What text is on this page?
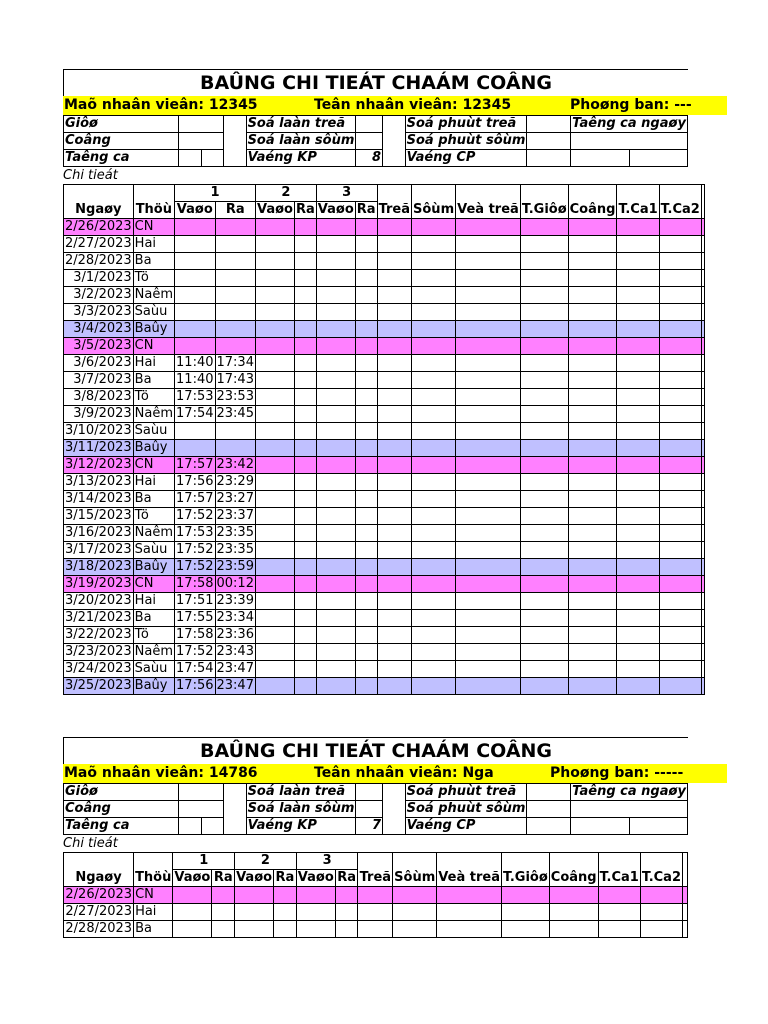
BAÛNG CHI TIEÁT CHAÁM COÂNG
Maõ nhaân vieân: 12345	Teân nhaân vieân: 12345	Phoøng ban: ---
Giôø				Soá laàn treã			Soá phuùt treã		Taêng ca ngaøy	
Coâng				Soá laàn sôùm			Soá phuùt sôùm			
Taêng ca				Vaéng KP	8		Vaéng CP			
Chi tieát
Ngaøy	Thöù	1		2		3		Treã	Sôùm	Veà treã	T.Giôø	Coâng	T.Ca1	T.Ca2	
		Vaøo	Ra	Vaøo	Ra	Vaøo	Ra								
2/26/2023	CN														
2/27/2023	Hai														
2/28/2023	Ba														
3/1/2023	Tö														
3/2/2023	Naêm														
3/3/2023	Saùu														
3/4/2023	Baûy														
3/5/2023	CN														
3/6/2023	Hai	11:40	17:34												
3/7/2023	Ba	11:40	17:43												
3/8/2023	Tö	17:53	23:53												
3/9/2023	Naêm	17:54	23:45												
3/10/2023	Saùu														
3/11/2023	Baûy														
3/12/2023	CN	17:57	23:42												
3/13/2023	Hai	17:56	23:29												
3/14/2023	Ba	17:57	23:27												
3/15/2023	Tö	17:52	23:37												
3/16/2023	Naêm	17:53	23:35												
3/17/2023	Saùu	17:52	23:35												
3/18/2023	Baûy	17:52	23:59												
3/19/2023	CN	17:58	00:12												
3/20/2023	Hai	17:51	23:39												
3/21/2023	Ba	17:55	23:34												
3/22/2023	Tö	17:58	23:36												
3/23/2023	Naêm	17:52	23:43												
3/24/2023	Saùu	17:54	23:47												
3/25/2023	Baûy	17:56	23:47												
BAÛNG CHI TIEÁT CHAÁM COÂNG
Maõ nhaân vieân: 14786	Teân nhaân vieân: Nga	Phoøng ban: -----
Giôø				Soá laàn treã			Soá phuùt treã		Taêng ca ngaøy	
Coâng				Soá laàn sôùm			Soá phuùt sôùm			
Taêng ca				Vaéng KP	7		Vaéng CP			
Chi tieát
Ngaøy	Thöù	1		2		3		Treã	Sôùm	Veà treã	T.Giôø	Coâng	T.Ca1	T.Ca2	
		Vaøo	Ra	Vaøo	Ra	Vaøo	Ra								
2/26/2023	CN														
2/27/2023	Hai														
2/28/2023	Ba														
